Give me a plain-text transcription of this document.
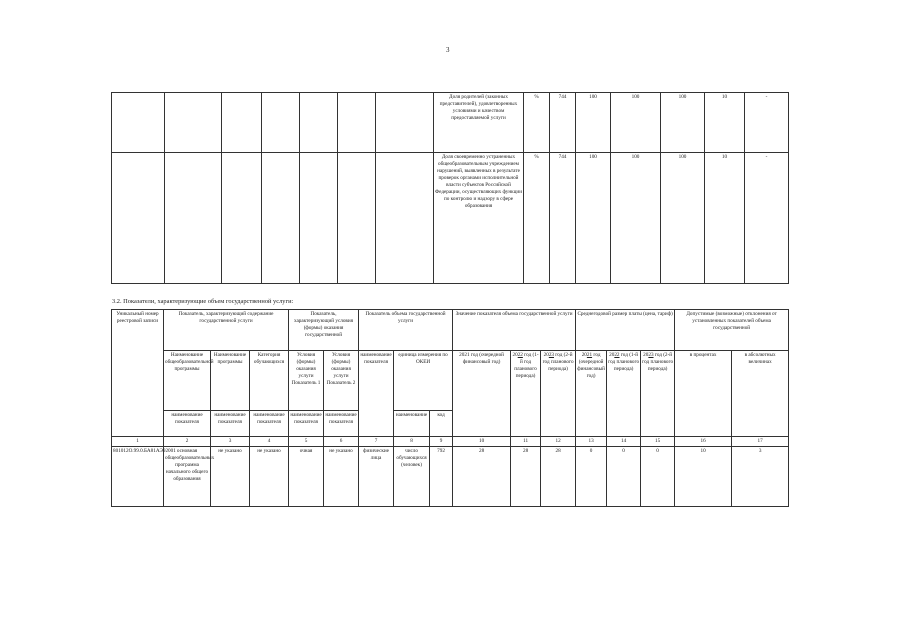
3
							Доля родителей (законных представителей), удовлетворенных условиями и качеством предоставляемой услуги	%	744	100	100	100	10	-
							Доля своевременно устраненных общеобразовательным учреждением нарушений, выявленных в результате проверок органами исполнительной власти субъектов Российской Федерации, осуществляющих функции по контролю и надзору в сфере образования	%	744	100	100	100	10	-
3.2. Показатели, характеризующие объем государственной услуги:
Уникальный номер реестровой записи	Показатель, характеризующий содержание государственной услуги			Показатель, характеризующий условия (формы) оказания государственной		Показатель объема государственной услуги			Значение показателя объема государственной услуги			Среднегодовой размер платы (цена, тариф)			Допустимые (возможные) отклонения от установленных показателей объема государственной	
	Наименование общеобразовательной программы	Наименование программы	Категория обучающихся	Условия (формы) оказания услуги Показатель 1	Условия (формы) оказания услуги Показатель 2	наименование показателя	единица измерения по ОКЕИ		2021 год (очередной финансовый год)	2022 год (1-й год планового периода)	2023 год (2-й год планового периода)	2021 год (очередной финансовый год)	2022 год (1-й год планового периода)	2023 год (2-й год планового периода)	в процентах	в абсолютных величинах
	наименование показателя	наименование показателя	наименование показателя	наименование показателя	наименование показателя		наименование	код								
1	2	3	4	5	6	7	8	9	10	11	12	13	14	15	16	17
801012О.99.0.БА81АЭ92001	основная общеобразовательных программа начального общего образования	не указано	не указано	очная	не указано	физические лица	число обучающихся (человек)	792	28	28	28	0	0	0	10	3
